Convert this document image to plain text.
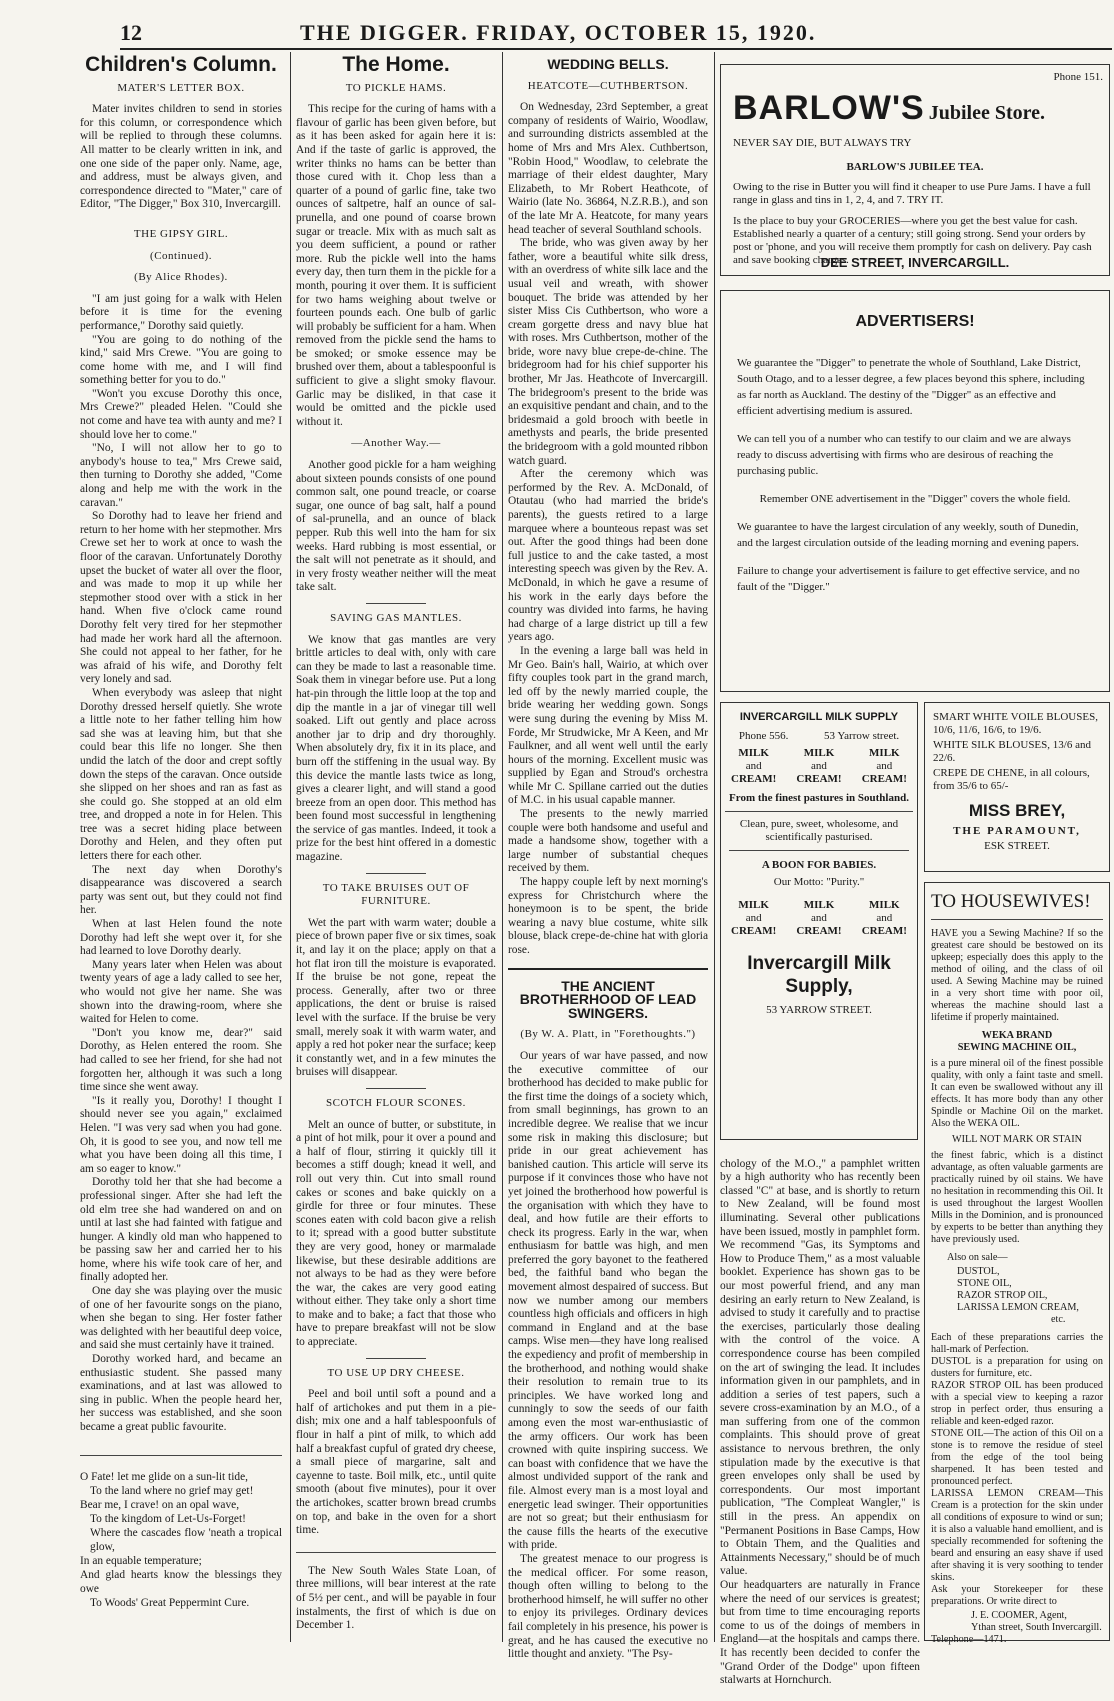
12	THE DIGGER. FRIDAY, OCTOBER 15, 1920.
Children's Column.
MATER'S LETTER BOX.

Mater invites children to send in stories for this column, or correspondence which will be replied to through these columns. All matter to be clearly written in ink, and one one side of the paper only. Name, age, and address, must be always given, and correspondence directed to "Mater," care of Editor, "The Digger," Box 310, Invercargill.

THE GIPSY GIRL.
(Continued).
(By Alice Rhodes).

"I am just going for a walk with Helen before it is time for the evening performance," Dorothy said quietly.

"You are going to do nothing of the kind," said Mrs Crewe. "You are going to come home with me, and I will find something better for you to do."

"Won't you excuse Dorothy this once, Mrs Crewe?" pleaded Helen. "Could she not come and have tea with aunty and me? I should love her to come."

"No, I will not allow her to go to anybody's house to tea," Mrs Crewe said, then turning to Dorothy she added, "Come along and help me with the work in the caravan."

So Dorothy had to leave her friend and return to her home with her stepmother. Mrs Crewe set her to work at once to wash the floor of the caravan. Unfortunately Dorothy upset the bucket of water all over the floor, and was made to mop it up while her stepmother stood over with a stick in her hand. When five o'clock came round Dorothy felt very tired for her stepmother had made her work hard all the afternoon. She could not appeal to her father, for he was afraid of his wife, and Dorothy felt very lonely and sad.

When everybody was asleep that night Dorothy dressed herself quietly. She wrote a little note to her father telling him how sad she was at leaving him, but that she could bear this life no longer. She then undid the latch of the door and crept softly down the steps of the caravan. Once outside she slipped on her shoes and ran as fast as she could go. She stopped at an old elm tree, and dropped a note in for Helen. This tree was a secret hiding place between Dorothy and Helen, and they often put letters there for each other.

The next day when Dorothy's disappearance was discovered a search party was sent out, but they could not find her.

When at last Helen found the note Dorothy had left she wept over it, for she had learned to love Dorothy dearly.

Many years later when Helen was about twenty years of age a lady called to see her, who would not give her name. She was shown into the drawing-room, where she waited for Helen to come.

"Don't you know me, dear?" said Dorothy, as Helen entered the room. She had called to see her friend, for she had not forgotten her, although it was such a long time since she went away.

"Is it really you, Dorothy! I thought I should never see you again," exclaimed Helen. "I was very sad when you had gone. Oh, it is good to see you, and now tell me what you have been doing all this time, I am so eager to know."

Dorothy told her that she had become a professional singer. After she had left the old elm tree she had wandered on and on until at last she had fainted with fatigue and hunger. A kindly old man who happened to be passing saw her and carried her to his home, where his wife took care of her, and finally adopted her.

One day she was playing over the music of one of her favourite songs on the piano, when she began to sing. Her foster father was delighted with her beautiful deep voice, and said she must certainly have it trained.

Dorothy worked hard, and became an enthusiastic student. She passed many examinations, and at last was allowed to sing in public. When the people heard her, her success was established, and she soon became a great public favourite.

O Fate! let me glide on a sun-lit tide,
To the land where no grief may get!
Bear me, I crave! on an opal wave,
To the kingdom of Let-Us-Forget!
Where the cascades flow 'neath a tropical glow,
In an equable temperature;
And glad hearts know the blessings they owe
To Woods' Great Peppermint Cure.
The Home.
TO PICKLE HAMS.

This recipe for the curing of hams with a flavour of garlic has been given before, but as it has been asked for again here it is: And if the taste of garlic is approved, the writer thinks no hams can be better than those cured with it. Chop less than a quarter of a pound of garlic fine, take two ounces of saltpetre, half an ounce of sal-prunella, and one pound of coarse brown sugar or treacle. Mix with as much salt as you deem sufficient, a pound or rather more. Rub the pickle well into the hams every day, then turn them in the pickle for a month, pouring it over them. It is sufficient for two hams weighing about twelve or fourteen pounds each. One bulb of garlic will probably be sufficient for a ham. When removed from the pickle send the hams to be smoked; or smoke essence may be brushed over them, about a tablespoonful is sufficient to give a slight smoky flavour. Garlic may be disliked, in that case it would be omitted and the pickle used without it.

—Another Way.—

Another good pickle for a ham weighing about sixteen pounds consists of one pound common salt, one pound treacle, or coarse sugar, one ounce of bag salt, half a pound of sal-prunella, and an ounce of black pepper. Rub this well into the ham for six weeks. Hard rubbing is most essential, or the salt will not penetrate as it should, and in very frosty weather neither will the meat take salt.

SAVING GAS MANTLES.

We know that gas mantles are very brittle articles to deal with, only with care can they be made to last a reasonable time. Soak them in vinegar before use. Put a long hat-pin through the little loop at the top and dip the mantle in a jar of vinegar till well soaked. Lift out gently and place across another jar to drip and dry thoroughly. When absolutely dry, fix it in its place, and burn off the stiffening in the usual way. By this device the mantle lasts twice as long, gives a clearer light, and will stand a good breeze from an open door. This method has been found most successful in lengthening the service of gas mantles. Indeed, it took a prize for the best hint offered in a domestic magazine.

TO TAKE BRUISES OUT OF FURNITURE.

Wet the part with warm water; double a piece of brown paper five or six times, soak it, and lay it on the place; apply on that a hot flat iron till the moisture is evaporated. If the bruise be not gone, repeat the process. Generally, after two or three applications, the dent or bruise is raised level with the surface. If the bruise be very small, merely soak it with warm water, and apply a red hot poker near the surface; keep it constantly wet, and in a few minutes the bruises will disappear.

SCOTCH FLOUR SCONES.

Melt an ounce of butter, or substitute, in a pint of hot milk, pour it over a pound and a half of flour, stirring it quickly till it becomes a stiff dough; knead it well, and roll out very thin. Cut into small round cakes or scones and bake quickly on a girdle for three or four minutes. These scones eaten with cold bacon give a relish to it; spread with a good butter substitute they are very good, honey or marmalade likewise, but these desirable additions are not always to be had as they were before the war, the cakes are very good eating without either. They take only a short time to make and to bake; a fact that those who have to prepare breakfast will not be slow to appreciate.

TO USE UP DRY CHEESE.

Peel and boil until soft a pound and a half of artichokes and put them in a pie-dish; mix one and a half tablespoonfuls of flour in half a pint of milk, to which add half a breakfast cupful of grated dry cheese, a small piece of margarine, salt and cayenne to taste. Boil milk, etc., until quite smooth (about five minutes), pour it over the artichokes, scatter brown bread crumbs on top, and bake in the oven for a short time.

The New South Wales State Loan, of three millions, will bear interest at the rate of 5½ per cent., and will be payable in four instalments, the first of which is due on December 1.

WEDDING BELLS.
HEATCOTE—CUTHBERTSON.

On Wednesday, 23rd September, a great company of residents of Wairio, Woodlaw, and surrounding districts assembled at the home of Mrs and Mrs Alex. Cuthbertson, "Robin Hood," Woodlaw, to celebrate the marriage of their eldest daughter, Mary Elizabeth, to Mr Robert Heathcote, of Wairio (late No. 36864, N.Z.R.B.), and son of the late Mr A. Heatcote, for many years head teacher of several Southland schools.

The bride, who was given away by her father, wore a beautiful white silk dress, with an overdress of white silk lace and the usual veil and wreath, with shower bouquet. The bride was attended by her sister Miss Cis Cuthbertson, who wore a cream gorgette dress and navy blue hat with roses. Mrs Cuthbertson, mother of the bride, wore navy blue crepe-de-chine. The bridegroom had for his chief supporter his brother, Mr Jas. Heathcote of Invercargill. The bridegroom's present to the bride was an exquisitive pendant and chain, and to the bridesmaid a gold brooch with beetle in amethysts and pearls, the bride presented the bridegroom with a gold mounted ribbon watch guard.

After the ceremony which was performed by the Rev. A. McDonald, of Otautau (who had married the bride's parents), the guests retired to a large marquee where a bounteous repast was set out. After the good things had been done full justice to and the cake tasted, a most interesting speech was given by the Rev. A. McDonald, in which he gave a resume of his work in the early days before the country was divided into farms, he having had charge of a large district up till a few years ago.

In the evening a large ball was held in Mr Geo. Bain's hall, Wairio, at which over fifty couples took part in the grand march, led off by the newly married couple, the bride wearing her wedding gown. Songs were sung during the evening by Miss M. Forde, Mr Strudwicke, Mr A Keen, and Mr Faulkner, and all went well until the early hours of the morning. Excellent music was supplied by Egan and Stroud's orchestra while Mr C. Spillane carried out the duties of M.C. in his usual capable manner.

The presents to the newly married couple were both handsome and useful and made a handsome show, together with a large number of substantial cheques received by them.

The happy couple left by next morning's express for Christchurch where the honeymoon is to be spent, the bride wearing a navy blue costume, white silk blouse, black crepe-de-chine hat with gloria rose.

THE ANCIENT BROTHERHOOD OF LEAD SWINGERS.
(By W. A. Platt, in "Forethoughts.")

Our years of war have passed, and now the executive committee of our brotherhood has decided to make public for the first time the doings of a society which, from small beginnings, has grown to an incredible degree. We realise that we incur some risk in making this disclosure; but pride in our great achievement has banished caution. This article will serve its purpose if it convinces those who have not yet joined the brotherhood how powerful is the organisation with which they have to deal, and how futile are their efforts to check its progress. Early in the war, when enthusiasm for battle was high, and men preferred the gory bayonet to the feathered bed, the faithful band who began the movement almost despaired of success. But now we number among our members countless high officials and officers in high command in England and at the base camps. Wise men—they have long realised the expediency and profit of membership in the brotherhood, and nothing would shake their resolution to remain true to its principles. We have worked long and cunningly to sow the seeds of our faith among even the most war-enthusiastic of the army officers. Our work has been crowned with quite inspiring success. We can boast with confidence that we have the almost undivided support of the rank and file. Almost every man is a most loyal and energetic lead swinger. Their opportunities are not so great; but their enthusiasm for the cause fills the hearts of the executive with pride.

The greatest menace to our progress is the medical officer. For some reason, though often willing to belong to the brotherhood himself, he will suffer no other to enjoy its privileges. Ordinary devices fail completely in his presence, his power is great, and he has caused the executive no little thought and anxiety. "The Psy-

chology of the M.O.," a pamphlet written by a high authority who has recently been classed "C" at base, and is shortly to return to New Zealand, will be found most illuminating. Several other publications have been issued, mostly in pamphlet form. We recommend "Gas, its Symptoms and How to Produce Them," as a most valuable booklet. Experience has shown gas to be our most powerful friend, and any man desiring an early return to New Zealand, is advised to study it carefully and to practise the exercises, particularly those dealing with the control of the voice. A correspondence course has been compiled on the art of swinging the lead. It includes information given in our pamphlets, and in addition a series of test papers, such a severe cross-examination by an M.O., of a man suffering from one of the common complaints. This should prove of great assistance to nervous brethren, the only stipulation made by the executive is that green envelopes only shall be used by correspondents. Our most important publication, "The Compleat Wangler," is still in the press. An appendix on "Permanent Positions in Base Camps, How to Obtain Them, and the Qualities and Attainments Necessary," should be of much value.
Our headquarters are naturally in France where the need of our services is greatest; but from time to time encouraging reports come to us of the doings of members in England—at the hospitals and camps there. It has recently been decided to confer the "Grand Order of the Dodge" upon fifteen stalwarts at Hornchurch.

Phone 151.
BARLOW'S Jubilee Store.
NEVER SAY DIE, BUT ALWAYS TRY
BARLOW'S JUBILEE TEA.
Owing to the rise in Butter you will find it cheaper to use Pure Jams. I have a full range in glass and tins in 1, 2, 4, and 7. TRY IT.
Is the place to buy your GROCERIES—where you get the best value for cash. Established nearly a quarter of a century; still going strong. Send your orders by post or 'phone, and you will receive them promptly for cash on delivery. Pay cash and save booking charges.
DEE STREET, INVERCARGILL.
ADVERTISERS!

We guarantee the "Digger" to penetrate the whole of Southland, Lake District, South Otago, and to a lesser degree, a few places beyond this sphere, including as far north as Auckland. The destiny of the "Digger" as an effective and efficient advertising medium is assured.

We can tell you of a number who can testify to our claim and we are always ready to discuss advertising with firms who are desirous of reaching the purchasing public.

Remember ONE advertisement in the "Digger" covers the whole field.

We guarantee to have the largest circulation of any weekly, south of Dunedin, and the largest circulation outside of the leading morning and evening papers.

Failure to change your advertisement is failure to get effective service, and no fault of the "Digger."

INVERCARGILL MILK SUPPLY
Phone 556.	53 Yarrow street.
MILK
and
CREAM!
MILK
and
CREAM!
MILK
and
CREAM!
From the finest pastures in Southland.
Clean, pure, sweet, wholesome, and scientifically pasturised.
A BOON FOR BABIES.
Our Motto: "Purity."
MILK
and
CREAM!
MILK
and
CREAM!
MILK
and
CREAM!
Invercargill Milk Supply,
53 YARROW STREET.
SMART WHITE VOILE BLOUSES, 10/6, 11/6, 16/6, to 19/6.
WHITE SILK BLOUSES, 13/6 and 22/6.
CREPE DE CHENE, in all colours, from 35/6 to 65/-
MISS BREY,
THE PARAMOUNT,
ESK STREET.
TO HOUSEWIVES!
HAVE you a Sewing Machine? If so the greatest care should be bestowed on its upkeep; especially does this apply to the method of oiling, and the class of oil used. A Sewing Machine may be ruined in a very short time with poor oil, whereas the machine should last a lifetime if properly maintained.
WEKA BRAND
SEWING MACHINE OIL,
is a pure mineral oil of the finest possible quality, with only a faint taste and smell. It can even be swallowed without any ill effects. It has more body than any other Spindle or Machine Oil on the market. Also the WEKA OIL.
WILL NOT MARK OR STAIN
the finest fabric, which is a distinct advantage, as often valuable garments are practically ruined by oil stains. We have no hesitation in recommending this Oil. It is used throughout the largest Woollen Mills in the Dominion, and is pronounced by experts to be better than anything they have previously used.
Also on sale—
DUSTOL,
STONE OIL,
RAZOR STROP OIL,
LARISSA LEMON CREAM,
etc.
Each of these preparations carries the hall-mark of Perfection.
DUSTOL is a preparation for using on dusters for furniture, etc.
RAZOR STROP OIL has been produced with a special view to keeping a razor strop in perfect order, thus ensuring a reliable and keen-edged razor.
STONE OIL—The action of this Oil on a stone is to remove the residue of steel from the edge of the tool being sharpened. It has been tested and pronounced perfect.
LARISSA LEMON CREAM—This Cream is a protection for the skin under all conditions of exposure to wind or sun; it is also a valuable hand emollient, and is specially recommended for softening the beard and ensuring an easy shave if used after shaving it is very soothing to tender skins.
Ask your Storekeeper for these preparations. Or write direct to
J. E. COOMER, Agent,
Ythan street, South Invercargill.
Telephone—1471.
